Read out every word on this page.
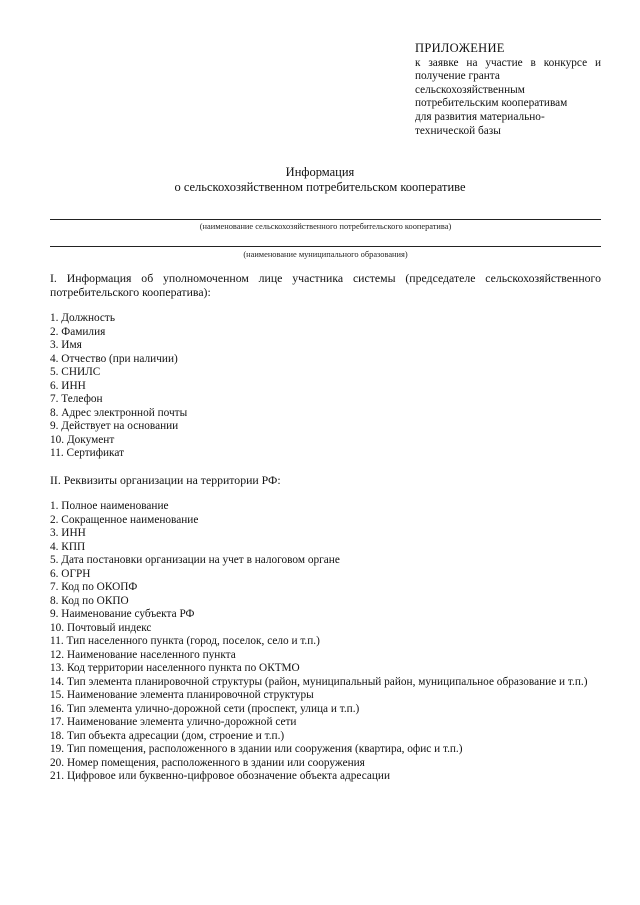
ПРИЛОЖЕНИЕ
к заявке на участие в конкурсе и
получение гранта
сельскохозяйственным
потребительским кооперативам
для развития материально-
технической базы
Информация
о сельскохозяйственном потребительском кооперативе
(наименование сельскохозяйственного потребительского кооператива)
(наименование муниципального образования)
I. Информация об уполномоченном лице участника системы (председателе сельскохозяйственного потребительского кооператива):
1. Должность
2. Фамилия
3. Имя
4. Отчество (при наличии)
5. СНИЛС
6. ИНН
7. Телефон
8. Адрес электронной почты
9. Действует на основании
10. Документ
11. Сертификат
II. Реквизиты организации на территории РФ:
1. Полное наименование
2. Сокращенное наименование
3. ИНН
4. КПП
5. Дата постановки организации на учет в налоговом органе
6. ОГРН
7. Код по ОКОПФ
8. Код по ОКПО
9. Наименование субъекта РФ
10. Почтовый индекс
11. Тип населенного пункта (город, поселок, село и т.п.)
12. Наименование населенного пункта
13. Код территории населенного пункта по ОКТМО
14. Тип элемента планировочной структуры (район, муниципальный район, муниципальное образование и т.п.)
15. Наименование элемента планировочной структуры
16. Тип элемента улично-дорожной сети (проспект, улица и т.п.)
17. Наименование элемента улично-дорожной сети
18. Тип объекта адресации (дом, строение и т.п.)
19. Тип помещения, расположенного в здании или сооружения (квартира, офис и т.п.)
20. Номер помещения, расположенного в здании или сооружения
21. Цифровое или буквенно-цифровое обозначение объекта адресации
